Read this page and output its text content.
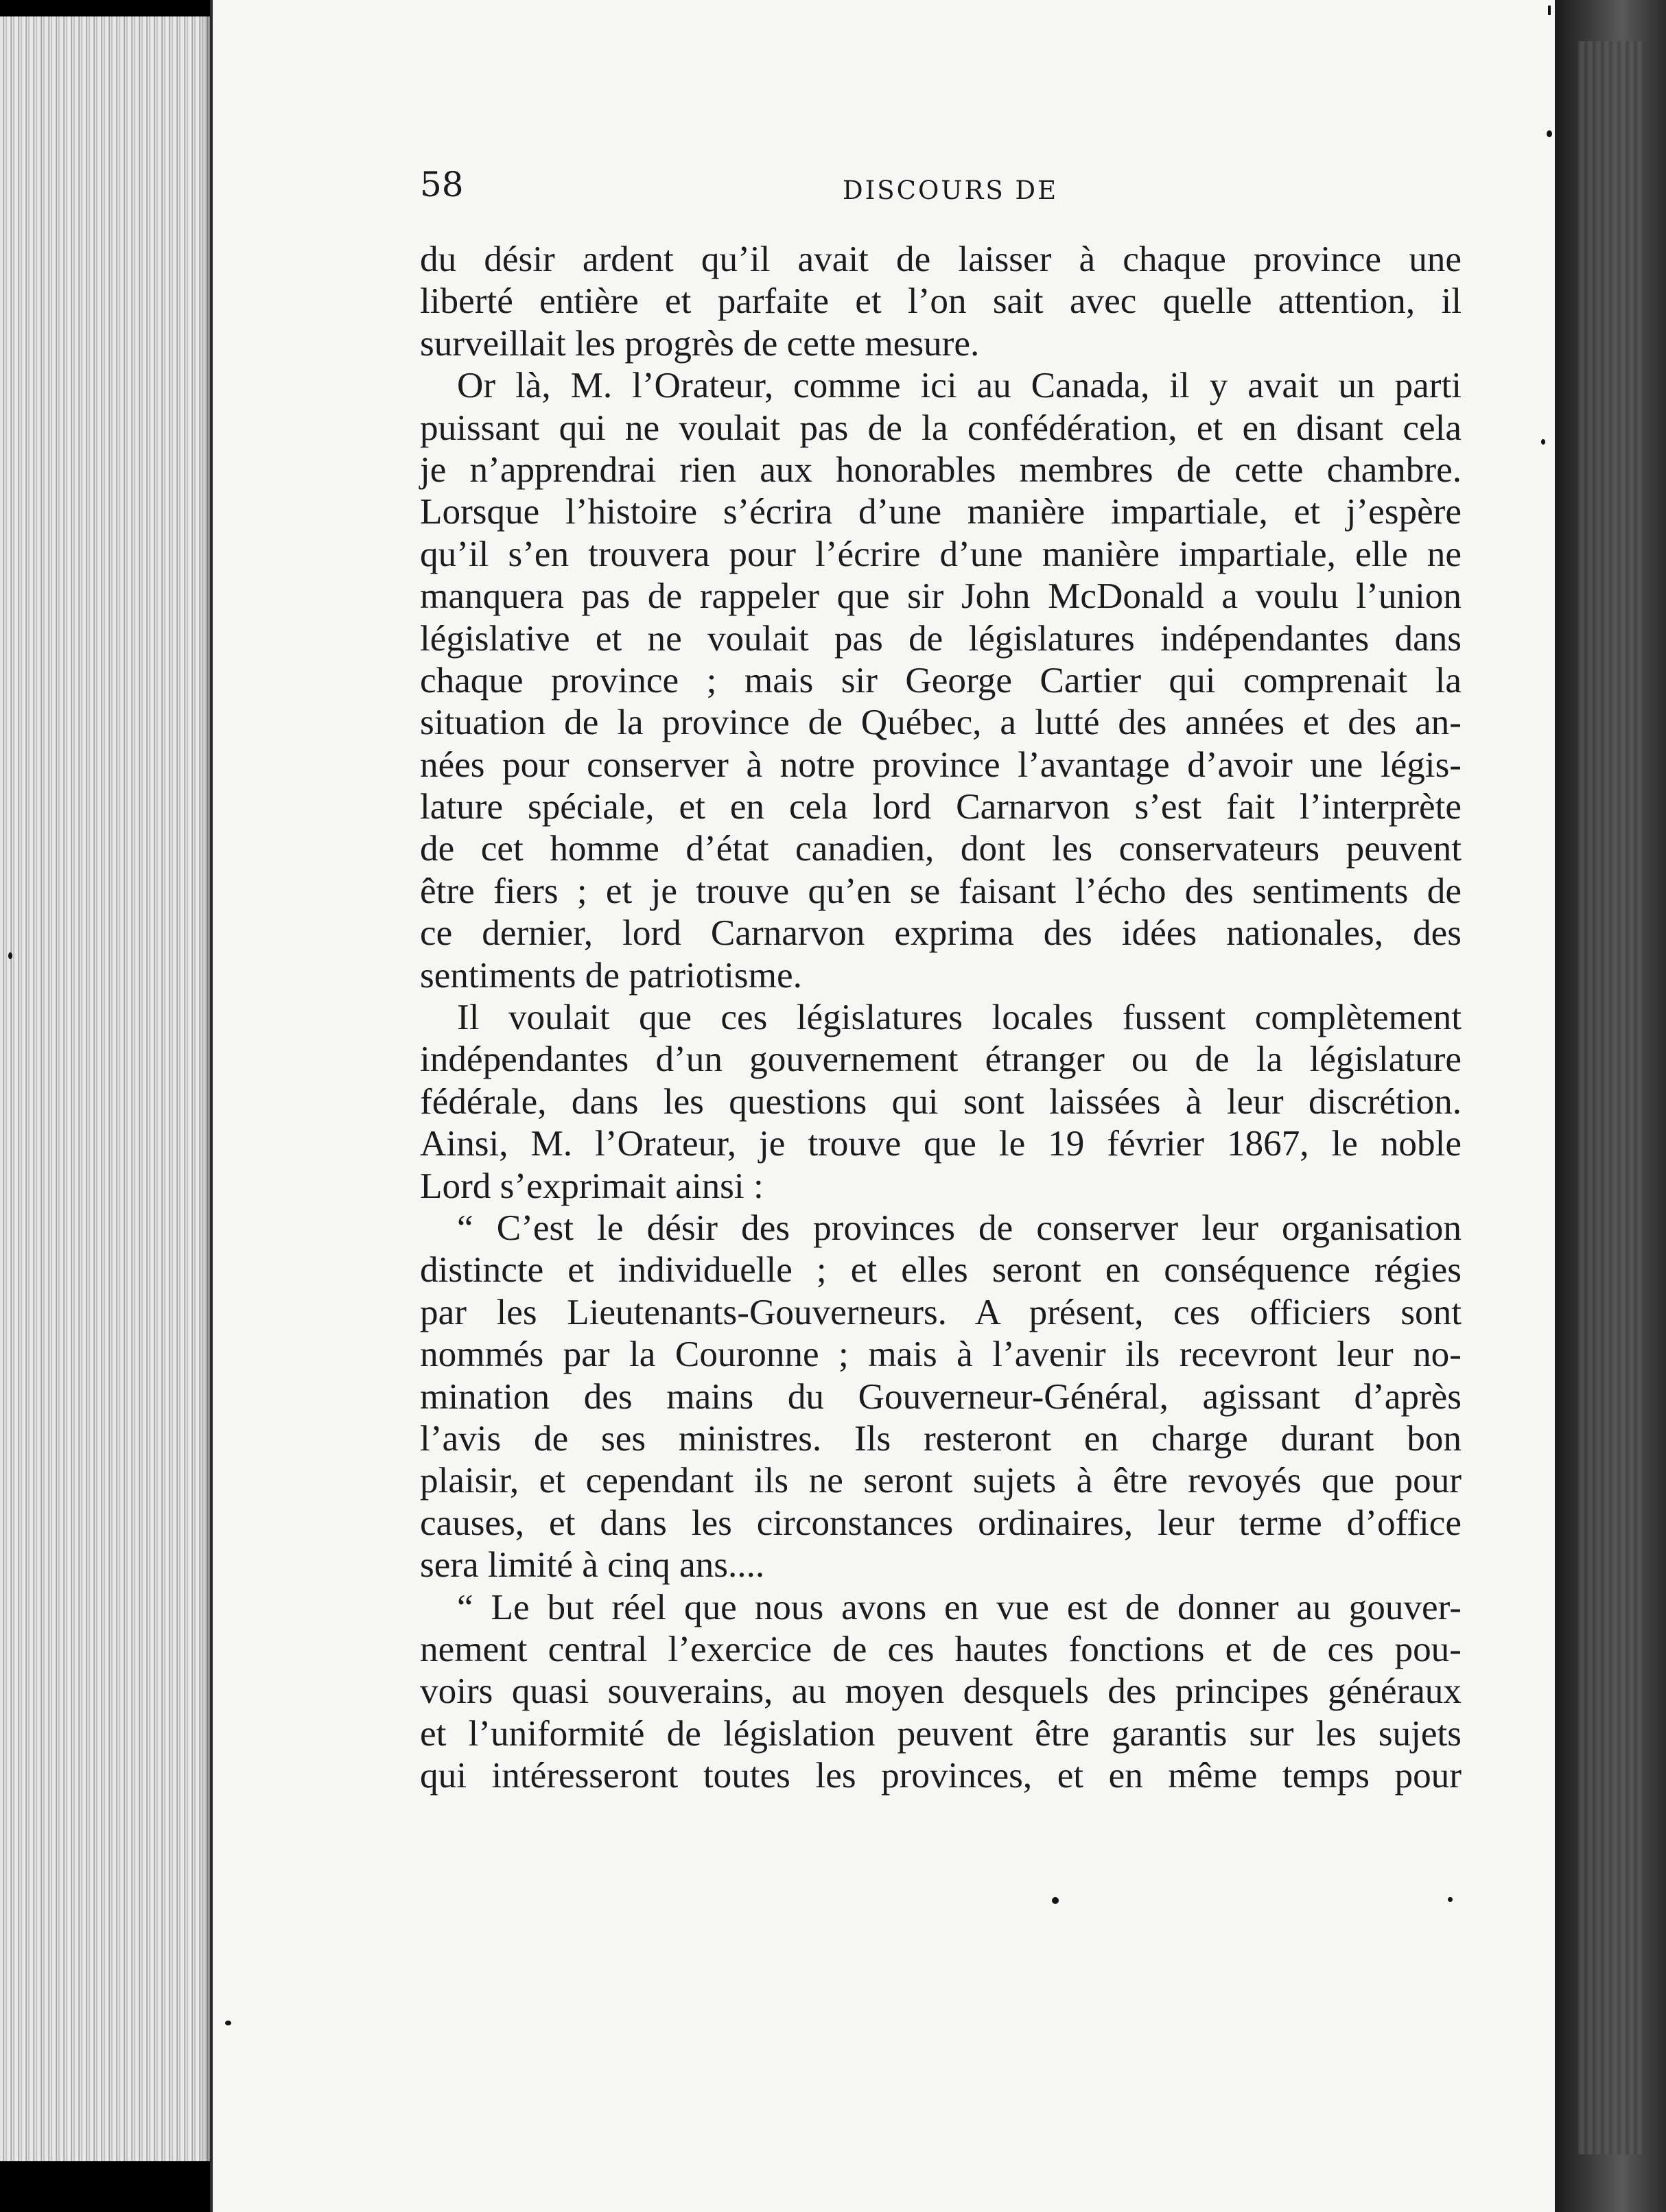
58	DISCOURS DE
du désir ardent qu’il avait de laisser à chaque province une
liberté entière et parfaite et l’on sait avec quelle attention, il
surveillait les progrès de cette mesure.
Or là, M. l’Orateur, comme ici au Canada, il y avait un parti
puissant qui ne voulait pas de la confédération, et en disant cela
je n’apprendrai rien aux honorables membres de cette chambre.
Lorsque l’histoire s’écrira d’une manière impartiale, et j’espère
qu’il s’en trouvera pour l’écrire d’une manière impartiale, elle ne
manquera pas de rappeler que sir John McDonald a voulu l’union
législative et ne voulait pas de législatures indépendantes dans
chaque province ; mais sir George Cartier qui comprenait la
situation de la province de Québec, a lutté des années et des an-
nées pour conserver à notre province l’avantage d’avoir une légis-
lature spéciale, et en cela lord Carnarvon s’est fait l’interprète
de cet homme d’état canadien, dont les conservateurs peuvent
être fiers ; et je trouve qu’en se faisant l’écho des sentiments de
ce dernier, lord Carnarvon exprima des idées nationales, des
sentiments de patriotisme.
Il voulait que ces législatures locales fussent complètement
indépendantes d’un gouvernement étranger ou de la législature
fédérale, dans les questions qui sont laissées à leur discrétion.
Ainsi, M. l’Orateur, je trouve que le 19 février 1867, le noble
Lord s’exprimait ainsi :
“ C’est le désir des provinces de conserver leur organisation
distincte et individuelle ; et elles seront en conséquence régies
par les Lieutenants-Gouverneurs. A présent, ces officiers sont
nommés par la Couronne ; mais à l’avenir ils recevront leur no-
mination des mains du Gouverneur-Général, agissant d’après
l’avis de ses ministres. Ils resteront en charge durant bon
plaisir, et cependant ils ne seront sujets à être revoyés que pour
causes, et dans les circonstances ordinaires, leur terme d’office
sera limité à cinq ans....
“ Le but réel que nous avons en vue est de donner au gouver-
nement central l’exercice de ces hautes fonctions et de ces pou-
voirs quasi souverains, au moyen desquels des principes généraux
et l’uniformité de législation peuvent être garantis sur les sujets
qui intéresseront toutes les provinces, et en même temps pour
